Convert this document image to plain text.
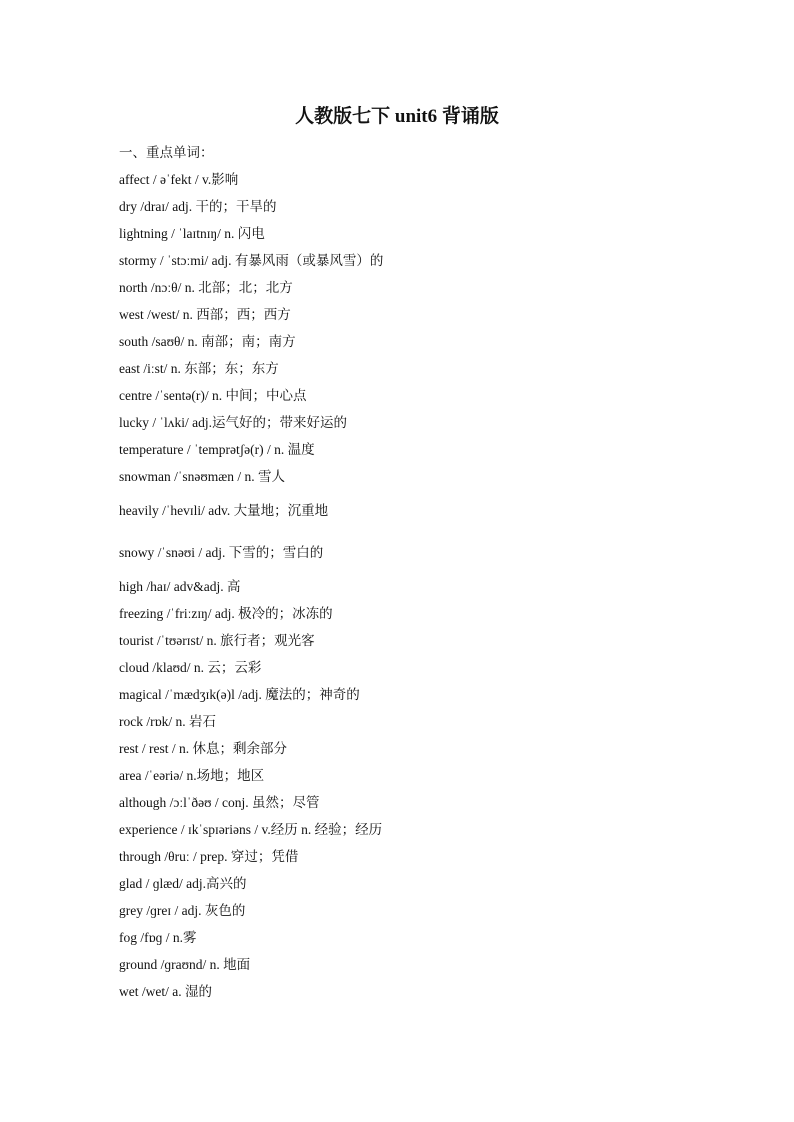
人教版七下 unit6 背诵版
一、重点单词：
affect / əˈfekt / v.影响
dry /draɪ/ adj. 干的；干旱的
lightning / ˈlaɪtnɪŋ/ n. 闪电
stormy / ˈstɔːmi/ adj. 有暴风雨（或暴风雪）的
north /nɔːθ/ n. 北部；北；北方
west /west/ n. 西部；西；西方
south /saʊθ/ n. 南部；南；南方
east /iːst/ n. 东部；东；东方
centre /ˈsentə(r)/ n. 中间；中心点
lucky / ˈlʌki/ adj.运气好的；带来好运的
temperature / ˈtemprətʃə(r) / n. 温度
snowman /ˈsnəʊmæn / n. 雪人
heavily /ˈhevɪli/ adv. 大量地；沉重地
snowy /ˈsnəʊi / adj. 下雪的；雪白的
high /haɪ/ adv&adj. 高
freezing /ˈfriːzɪŋ/ adj. 极冷的；冰冻的
tourist /ˈtʊərɪst/ n. 旅行者；观光客
cloud /klaʊd/ n. 云；云彩
magical /ˈmædʒɪk(ə)l /adj. 魔法的；神奇的
rock /rɒk/ n. 岩石
rest / rest / n. 休息；剩余部分
area /ˈeəriə/ n.场地；地区
although /ɔːlˈðəʊ / conj. 虽然；尽管
experience / ɪkˈspɪəriəns / v.经历 n. 经验；经历
through /θruː / prep. 穿过；凭借
glad / ɡlæd/ adj.高兴的
grey /ɡreɪ / adj. 灰色的
fog /fɒɡ / n.雾
ground /ɡraʊnd/ n. 地面
wet /wet/ a. 湿的
